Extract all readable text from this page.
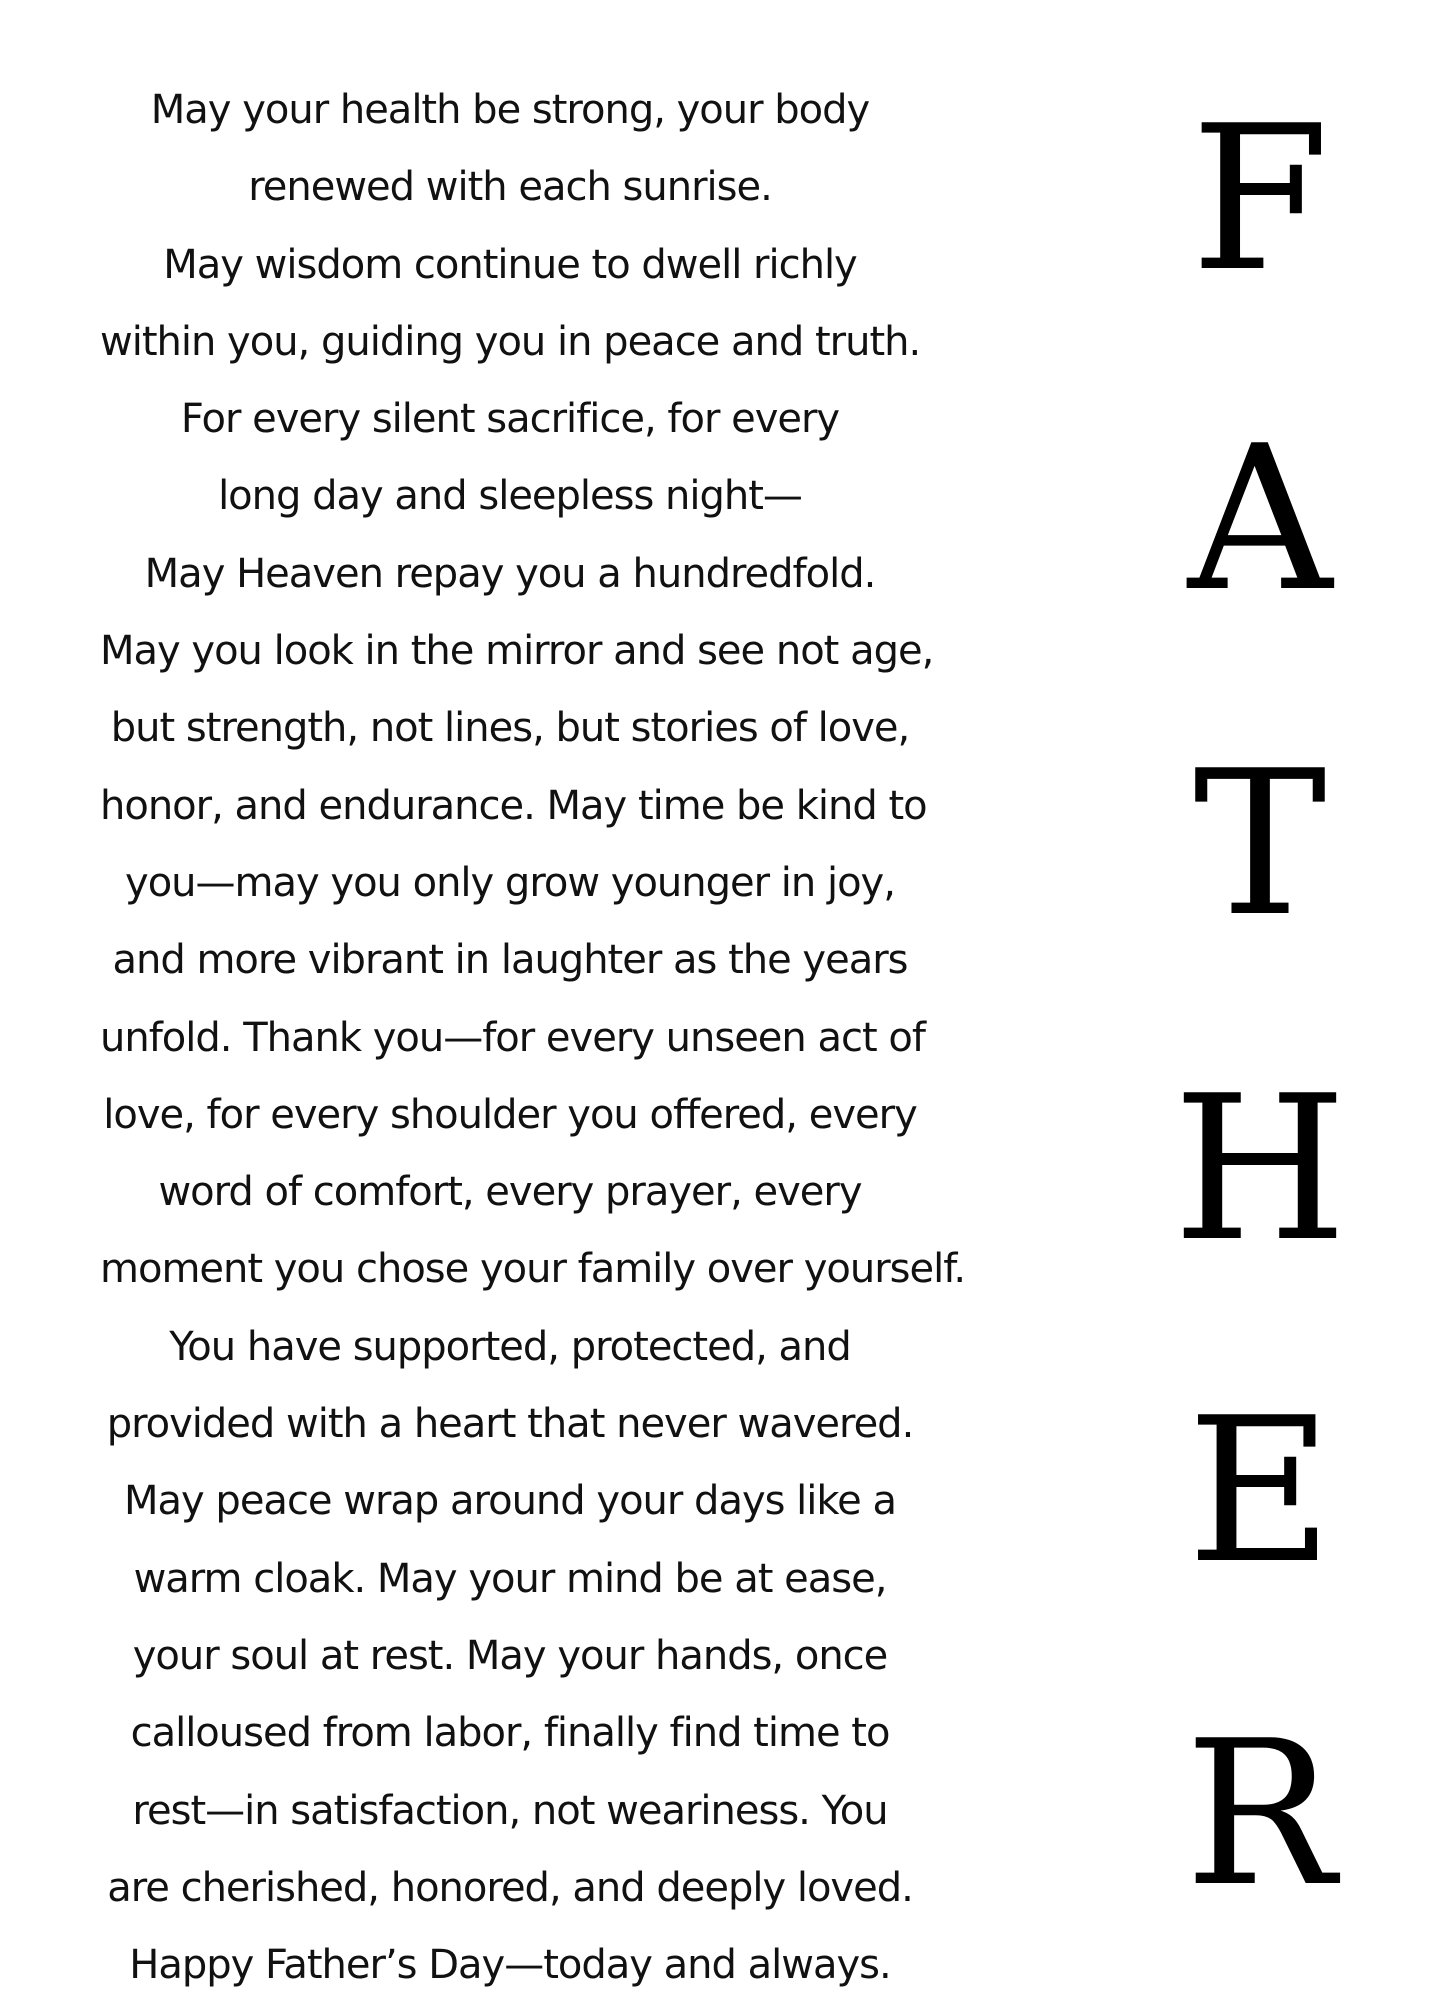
May your health be strong, your body
renewed with each sunrise.
May wisdom continue to dwell richly
within you, guiding you in peace and truth.
For every silent sacrifice, for every
long day and sleepless night—
May Heaven repay you a hundredfold.
May you look in the mirror and see not age,
but strength, not lines, but stories of love,
honor, and endurance. May time be kind to
you—may you only grow younger in joy,
and more vibrant in laughter as the years
unfold. Thank you—for every unseen act of
love, for every shoulder you offered, every
word of comfort, every prayer, every
moment you chose your family over yourself.
You have supported, protected, and
provided with a heart that never wavered.
May peace wrap around your days like a
warm cloak. May your mind be at ease,
your soul at rest. May your hands, once
calloused from labor, finally find time to
rest—in satisfaction, not weariness. You
are cherished, honored, and deeply loved.
Happy Father’s Day—today and always.
F
A
T
H
E
R
